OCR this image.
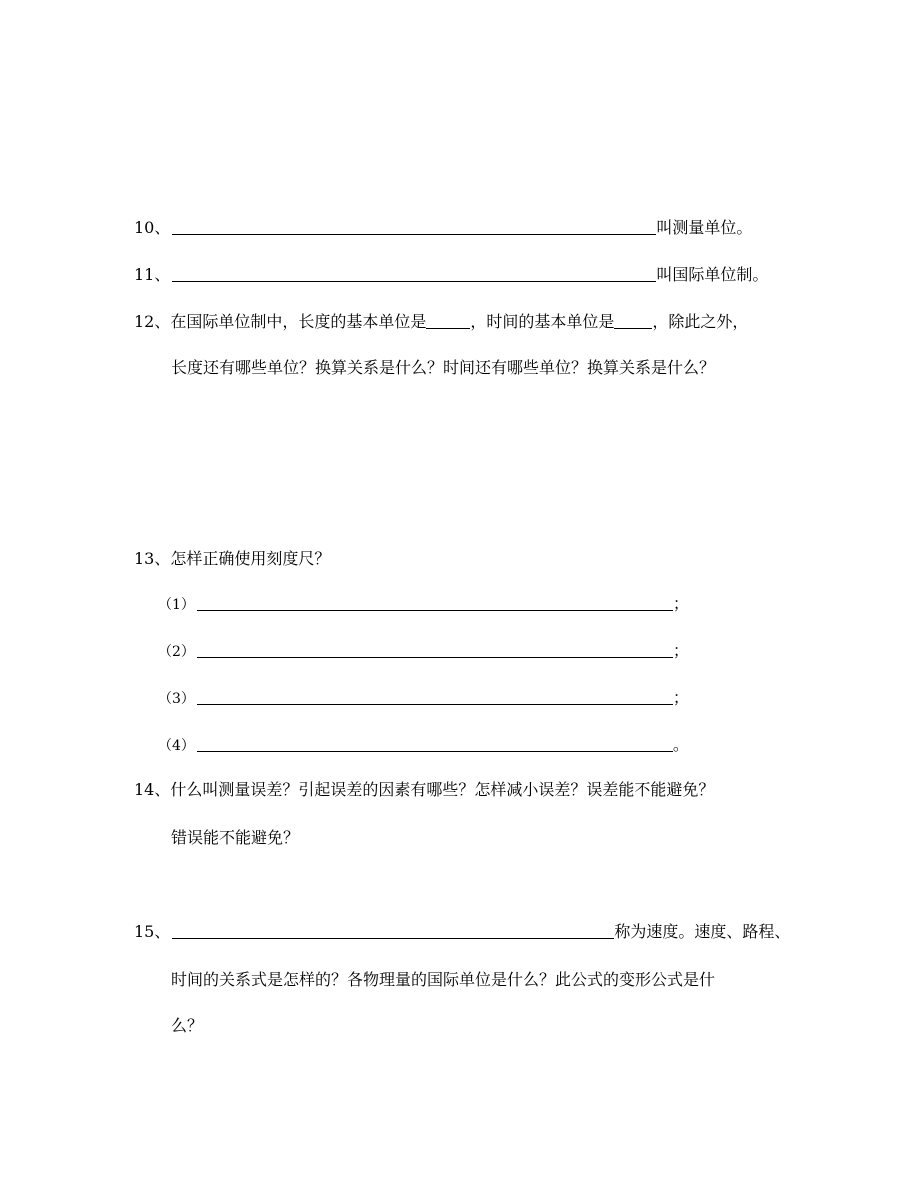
10、	叫测量单位。
11、	叫国际单位制。
12、在国际单位制中，长度的基本单位是	，时间的基本单位是 ，除此之外，
长度还有哪些单位？换算关系是什么？时间还有哪些单位？换算关系是什么？
13、怎样正确使用刻度尺？
（1）	；
（2）	；
（3）	；
（4）	。
14、什么叫测量误差？引起误差的因素有哪些？怎样减小误差？误差能不能避免？
错误能不能避免？
15、	称为速度。速度、路程、
时间的关系式是怎样的？各物理量的国际单位是什么？此公式的变形公式是什
么？
